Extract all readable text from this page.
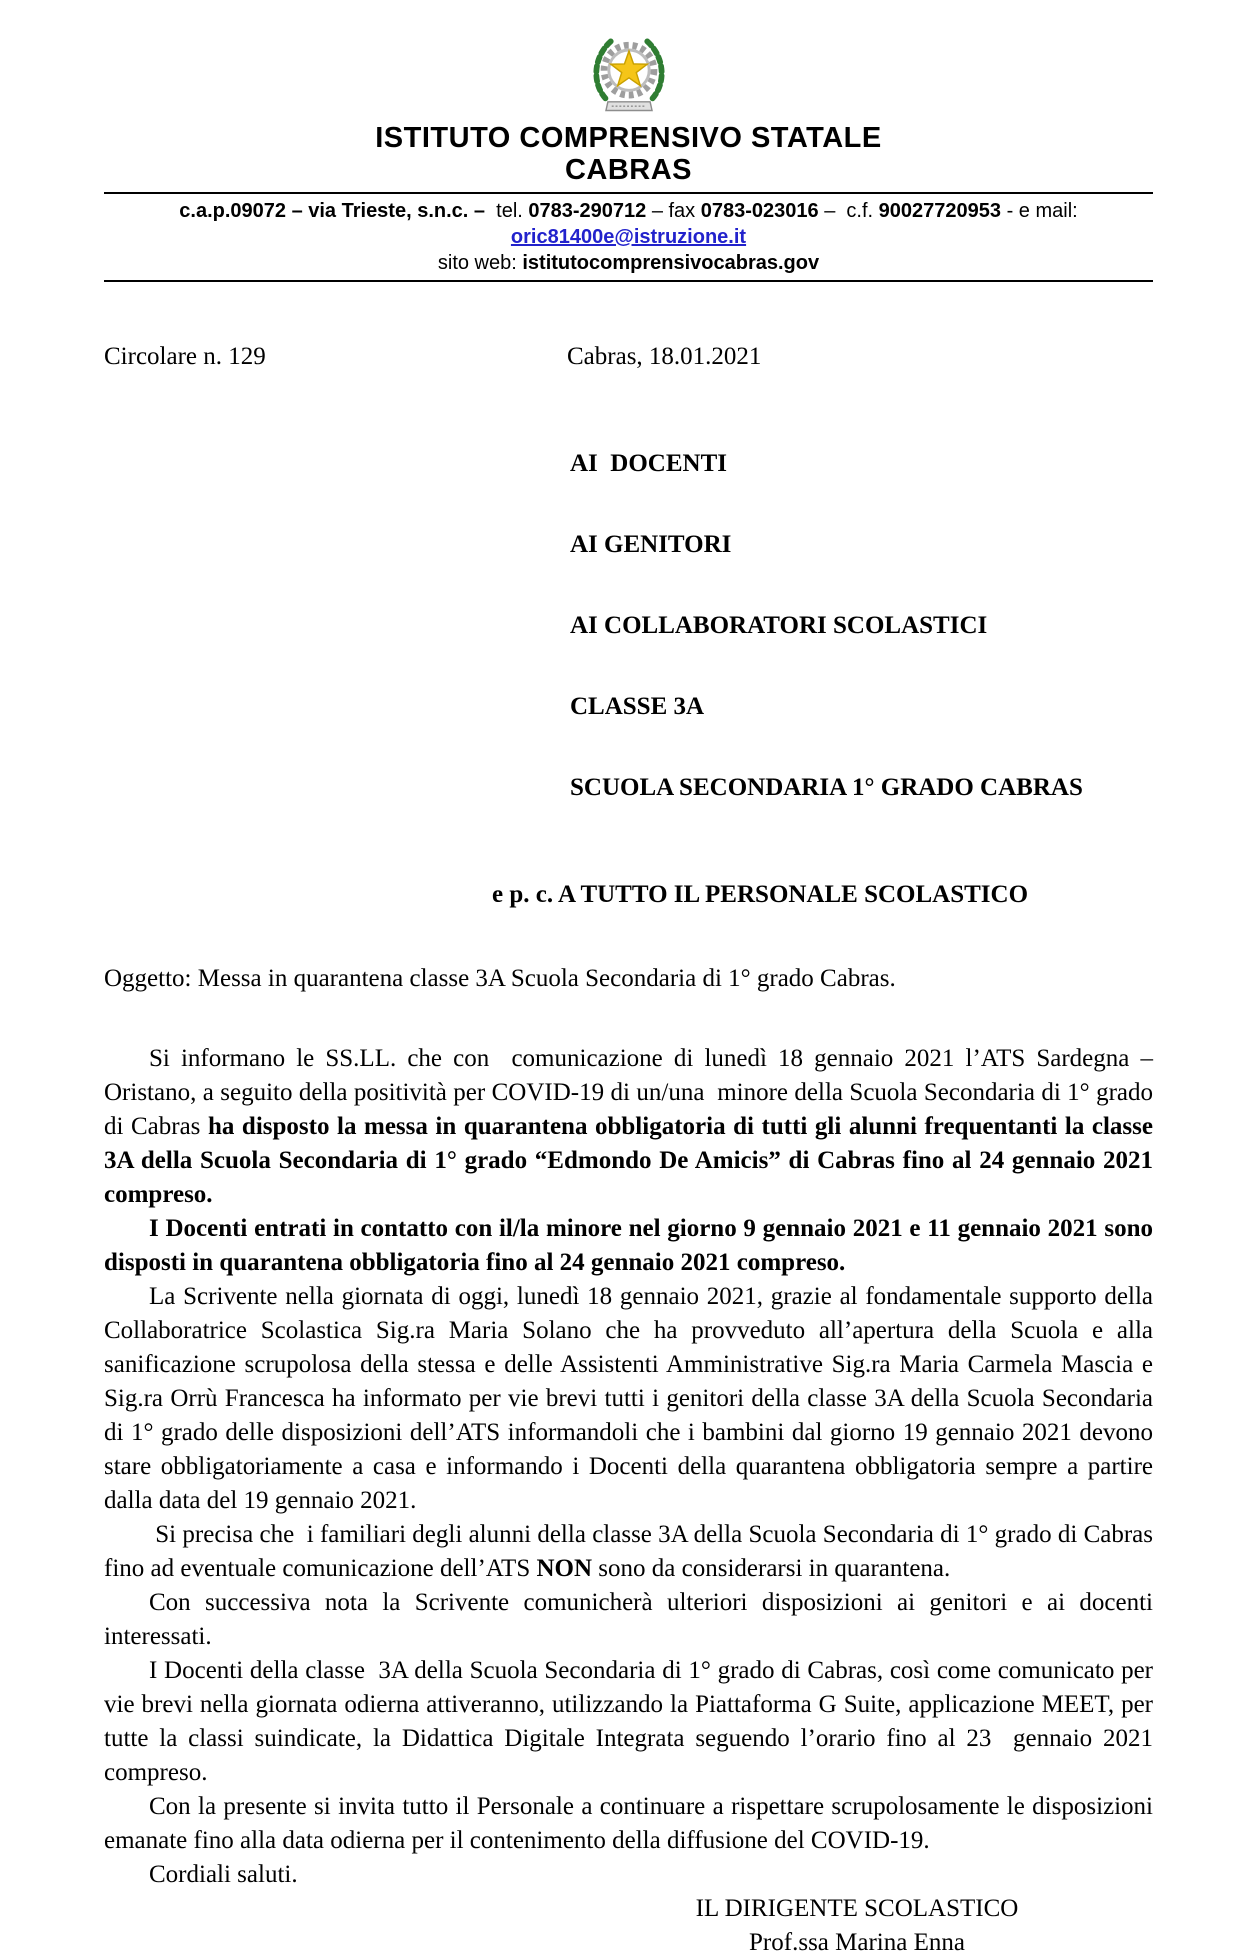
ISTITUTO COMPRENSIVO STATALE
CABRAS
c.a.p.09072 – via Trieste, s.n.c. –  tel. 0783-290712 – fax 0783-023016 –  c.f. 90027720953 - e mail: oric81400e@istruzione.it
sito web: istitutocomprensivocabras.gov
Circolare n. 129	Cabras, 18.01.2021

AI  DOCENTI

AI GENITORI

AI COLLABORATORI SCOLASTICI

CLASSE 3A

SCUOLA SECONDARIA 1° GRADO CABRAS

e p. c. A TUTTO IL PERSONALE SCOLASTICO
Oggetto: Messa in quarantena classe 3A Scuola Secondaria di 1° grado Cabras.

Si informano le SS.LL. che con  comunicazione di lunedì 18 gennaio 2021 l’ATS Sardegna – Oristano, a seguito della positività per COVID-19 di un/una  minore della Scuola Secondaria di 1° grado di Cabras ha disposto la messa in quarantena obbligatoria di tutti gli alunni frequentanti la classe 3A della Scuola Secondaria di 1° grado “Edmondo De Amicis” di Cabras fino al 24 gennaio 2021 compreso.

I Docenti entrati in contatto con il/la minore nel giorno 9 gennaio 2021 e 11 gennaio 2021 sono disposti in quarantena obbligatoria fino al 24 gennaio 2021 compreso.

La Scrivente nella giornata di oggi, lunedì 18 gennaio 2021, grazie al fondamentale supporto della Collaboratrice Scolastica Sig.ra Maria Solano che ha provveduto all’apertura della Scuola e alla sanificazione scrupolosa della stessa e delle Assistenti Amministrative Sig.ra Maria Carmela Mascia e Sig.ra Orrù Francesca ha informato per vie brevi tutti i genitori della classe 3A della Scuola Secondaria di 1° grado delle disposizioni dell’ATS informandoli che i bambini dal giorno 19 gennaio 2021 devono stare obbligatoriamente a casa e informando i Docenti della quarantena obbligatoria sempre a partire dalla data del 19 gennaio 2021.

Si precisa che  i familiari degli alunni della classe 3A della Scuola Secondaria di 1° grado di Cabras fino ad eventuale comunicazione dell’ATS NON sono da considerarsi in quarantena.

Con successiva nota la Scrivente comunicherà ulteriori disposizioni ai genitori e ai docenti interessati.

I Docenti della classe  3A della Scuola Secondaria di 1° grado di Cabras, così come comunicato per vie brevi nella giornata odierna attiveranno, utilizzando la Piattaforma G Suite, applicazione MEET, per tutte la classi suindicate, la Didattica Digitale Integrata seguendo l’orario fino al 23  gennaio 2021 compreso.

Con la presente si invita tutto il Personale a continuare a rispettare scrupolosamente le disposizioni emanate fino alla data odierna per il contenimento della diffusione del COVID-19.

Cordiali saluti.

IL DIRIGENTE SCOLASTICO
Prof.ssa Marina Enna
